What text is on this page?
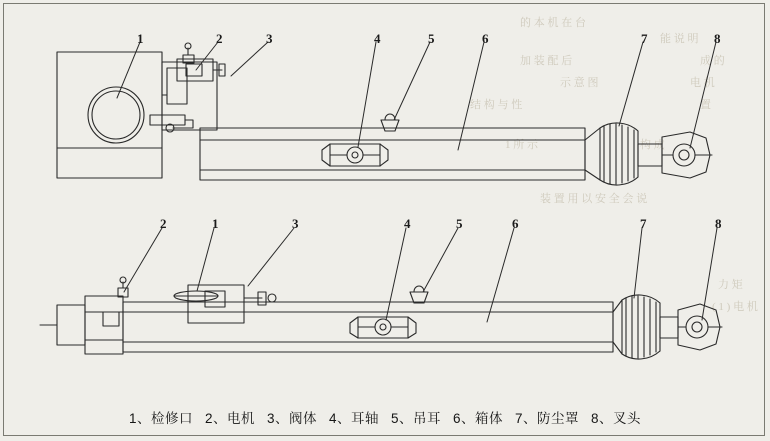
的 本 机 在 台
能 说 明
加 装 配 后	成 的
示 意 图	电 机
结 构 与 性	置
1 所 示	构 成
装 置 用 以 安 全 会 说
力 矩
( 1 ) 电 机
1	2	3	4	5	6	7	8
2	1	3	4	5	6	7	8
1、检修口 2、电机 3、阀体 4、耳轴 5、吊耳 6、箱体 7、防尘罩 8、叉头
